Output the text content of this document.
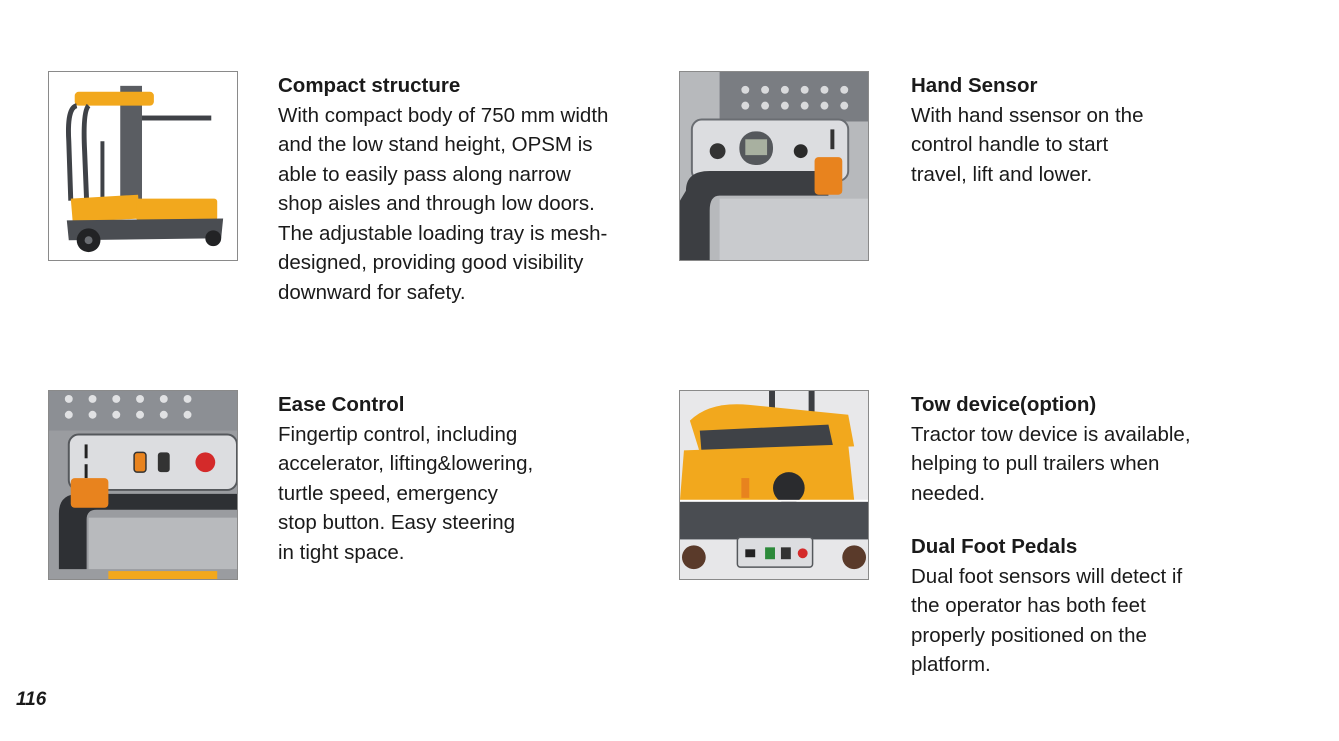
Compact structure

With compact body of 750 mm width

and the low stand height, OPSM is

able to easily pass along narrow

shop aisles and through low doors.

The adjustable loading tray is mesh-

designed, providing good visibility

downward for safety.

Hand Sensor

With hand ssensor on the

control handle to start

travel, lift and lower.

Ease Control

Fingertip control, including

accelerator, lifting&lowering,

turtle speed, emergency

stop button. Easy steering

in tight space.

Tow device(option)

Tractor tow device is available,

helping to pull trailers when

needed.

Dual Foot Pedals

Dual foot sensors will detect if

the operator has both feet

properly positioned on the

platform.

116
